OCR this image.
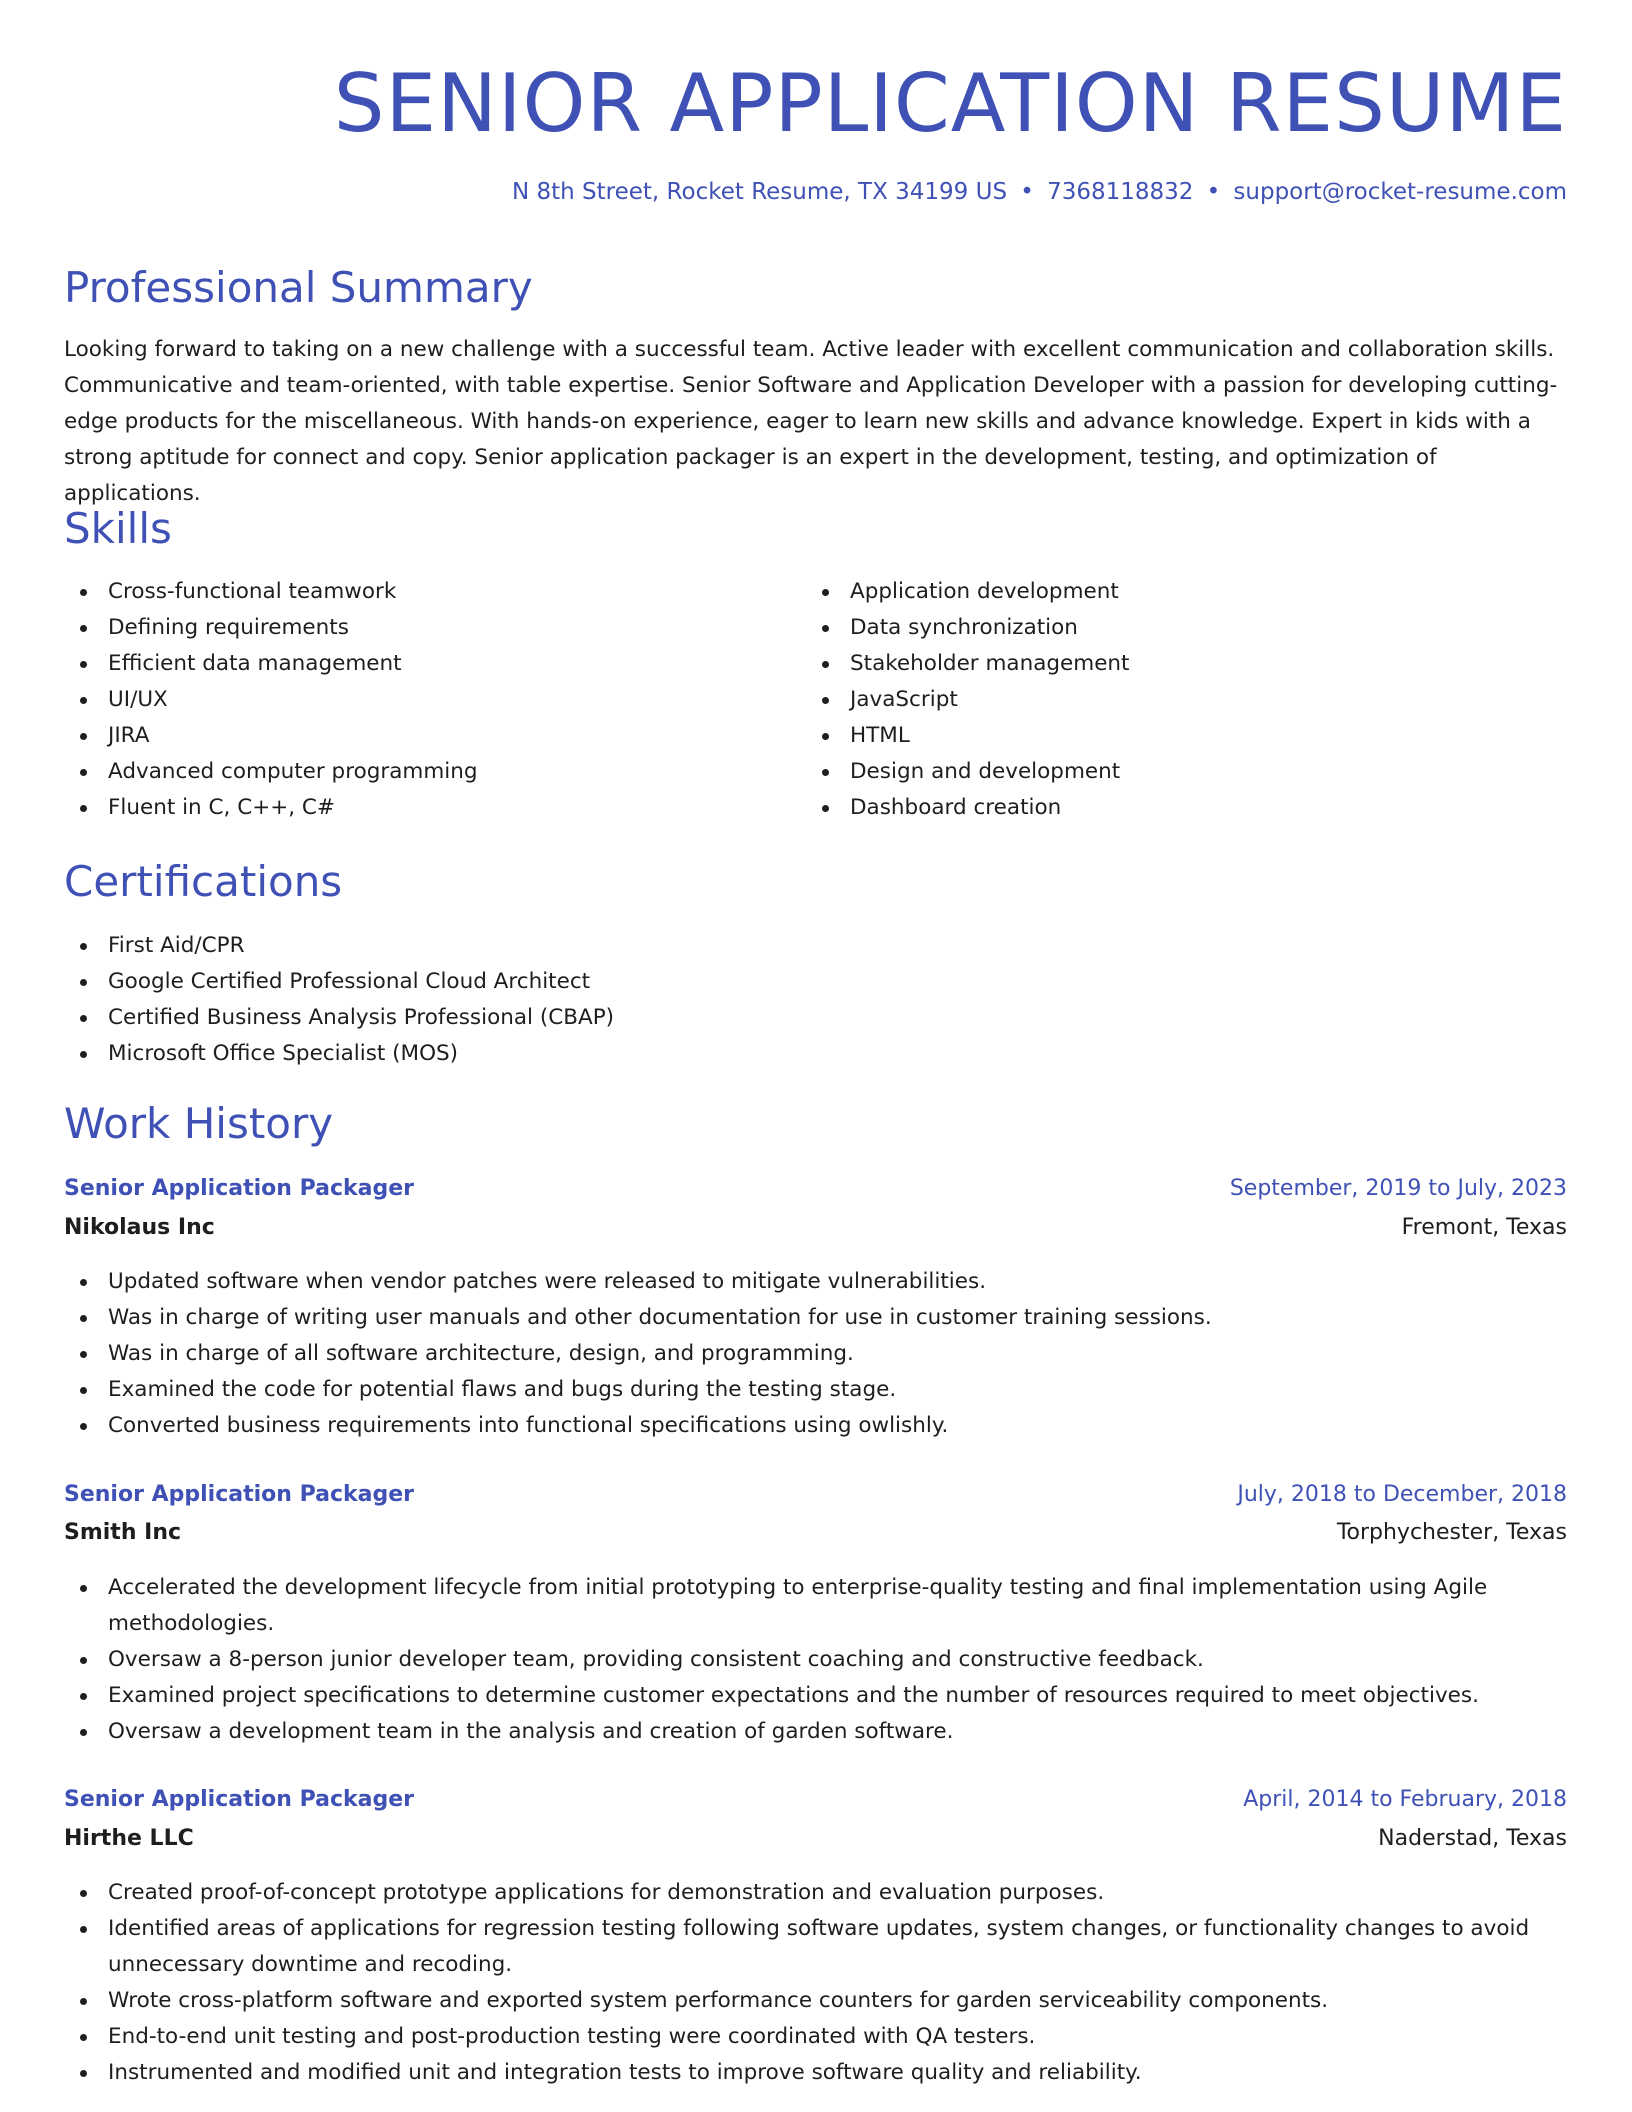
SENIOR APPLICATION RESUME

N 8th Street, Rocket Resume, TX 34199 US • 7368118832 • support@rocket-resume.com

Professional Summary

Looking forward to taking on a new challenge with a successful team. Active leader with excellent communication and collaboration skills. Communicative and team-oriented, with table expertise. Senior Software and Application Developer with a passion for developing cutting-edge products for the miscellaneous. With hands-on experience, eager to learn new skills and advance knowledge. Expert in kids with a strong aptitude for connect and copy. Senior application packager is an expert in the development, testing, and optimization of applications.

Skills
Cross-functional teamwork
Defining requirements
Efficient data management
UI/UX
JIRA
Advanced computer programming
Fluent in C, C++, C#
Application development
Data synchronization
Stakeholder management
JavaScript
HTML
Design and development
Dashboard creation
Certifications
First Aid/CPR
Google Certified Professional Cloud Architect
Certified Business Analysis Professional (CBAP)
Microsoft Office Specialist (MOS)
Work History

Senior Application Packager	September, 2019 to July, 2023

Nikolaus Inc	Fremont, Texas

Updated software when vendor patches were released to mitigate vulnerabilities.
Was in charge of writing user manuals and other documentation for use in customer training sessions.
Was in charge of all software architecture, design, and programming.
Examined the code for potential flaws and bugs during the testing stage.
Converted business requirements into functional specifications using owlishly.

Senior Application Packager	July, 2018 to December, 2018

Smith Inc	Torphychester, Texas

Accelerated the development lifecycle from initial prototyping to enterprise-quality testing and final implementation using Agile methodologies.
Oversaw a 8-person junior developer team, providing consistent coaching and constructive feedback.
Examined project specifications to determine customer expectations and the number of resources required to meet objectives.
Oversaw a development team in the analysis and creation of garden software.

Senior Application Packager	April, 2014 to February, 2018

Hirthe LLC	Naderstad, Texas

Created proof-of-concept prototype applications for demonstration and evaluation purposes.
Identified areas of applications for regression testing following software updates, system changes, or functionality changes to avoid unnecessary downtime and recoding.
Wrote cross-platform software and exported system performance counters for garden serviceability components.
End-to-end unit testing and post-production testing were coordinated with QA testers.
Instrumented and modified unit and integration tests to improve software quality and reliability.
